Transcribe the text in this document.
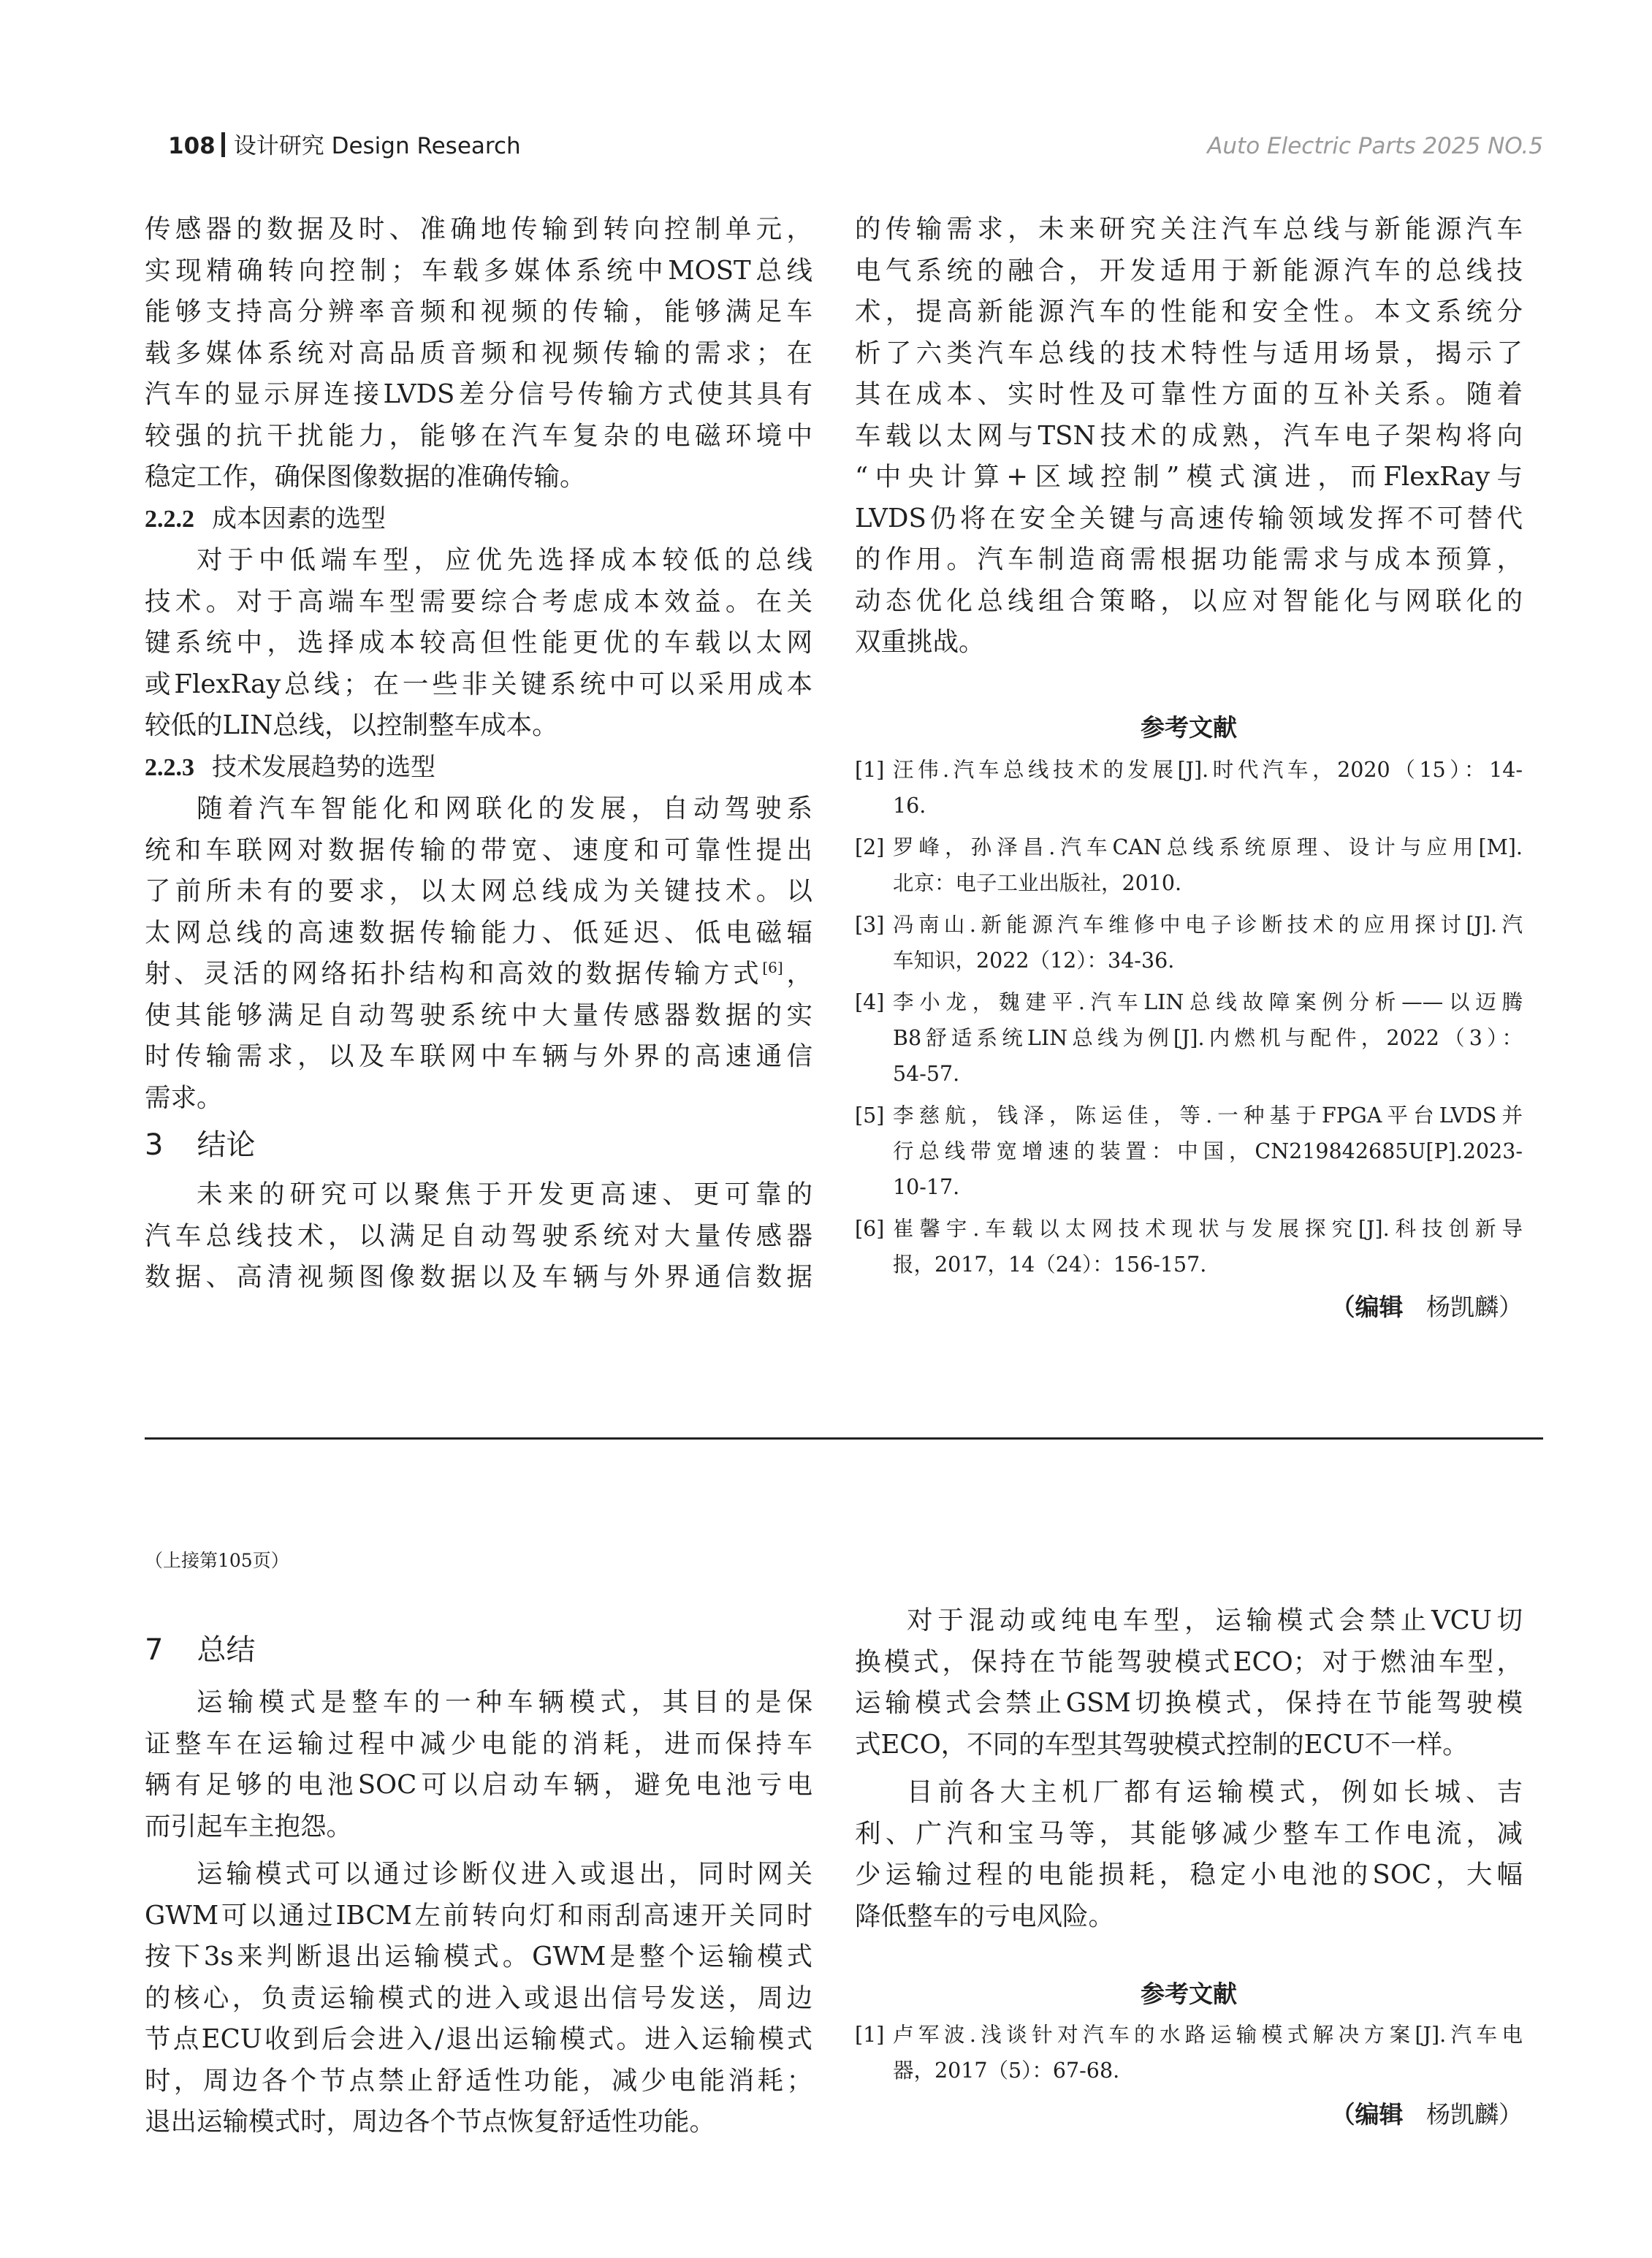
108 设计研究 Design Research	Auto Electric Parts 2025 NO.5
传感器的数据及时、准确地传输到转向控制单元，
实现精确转向控制；车载多媒体系统中MOST总线
能够支持高分辨率音频和视频的传输，能够满足车
载多媒体系统对高品质音频和视频传输的需求；在
汽车的显示屏连接LVDS差分信号传输方式使其具有
较强的抗干扰能力，能够在汽车复杂的电磁环境中
稳定工作，确保图像数据的准确传输。
2.2.2 成本因素的选型
对于中低端车型，应优先选择成本较低的总线
技术。对于高端车型需要综合考虑成本效益。在关
键系统中，选择成本较高但性能更优的车载以太网
或FlexRay总线；在一些非关键系统中可以采用成本
较低的LIN总线，以控制整车成本。
2.2.3 技术发展趋势的选型
随着汽车智能化和网联化的发展，自动驾驶系
统和车联网对数据传输的带宽、速度和可靠性提出
了前所未有的要求，以太网总线成为关键技术。以
太网总线的高速数据传输能力、低延迟、低电磁辐
射、灵活的网络拓扑结构和高效的数据传输方式[6]，
使其能够满足自动驾驶系统中大量传感器数据的实
时传输需求，以及车联网中车辆与外界的高速通信
需求。
3 结论
未来的研究可以聚焦于开发更高速、更可靠的
汽车总线技术，以满足自动驾驶系统对大量传感器
数据、高清视频图像数据以及车辆与外界通信数据
的传输需求，未来研究关注汽车总线与新能源汽车
电气系统的融合，开发适用于新能源汽车的总线技
术，提高新能源汽车的性能和安全性。本文系统分
析了六类汽车总线的技术特性与适用场景，揭示了
其在成本、实时性及可靠性方面的互补关系。随着
车载以太网与TSN技术的成熟，汽车电子架构将向
“中央计算+区域控制”模式演进，而FlexRay与
LVDS仍将在安全关键与高速传输领域发挥不可替代
的作用。汽车制造商需根据功能需求与成本预算，
动态优化总线组合策略，以应对智能化与网联化的
双重挑战。
参考文献
[1] 汪伟.汽车总线技术的发展[J].时代汽车，2020（15）：14-
16.
[2] 罗峰，孙泽昌.汽车CAN总线系统原理、设计与应用[M].
北京：电子工业出版社，2010.
[3] 冯南山.新能源汽车维修中电子诊断技术的应用探讨[J].汽
车知识，2022（12）：34-36.
[4] 李小龙，魏建平.汽车LIN总线故障案例分析——以迈腾
B8舒适系统LIN总线为例[J].内燃机与配件，2022（3）：
54-57.
[5] 李慈航，钱泽，陈运佳，等.一种基于FPGA平台LVDS并
行总线带宽增速的装置：中国，CN219842685U[P].2023-
10-17.
[6] 崔馨宇.车载以太网技术现状与发展探究[J].科技创新导
报，2017，14（24）：156-157.
（编辑 杨凯麟）
（上接第105页）
7 总结
运输模式是整车的一种车辆模式，其目的是保
证整车在运输过程中减少电能的消耗，进而保持车
辆有足够的电池SOC可以启动车辆，避免电池亏电
而引起车主抱怨。
运输模式可以通过诊断仪进入或退出，同时网关
GWM可以通过IBCM左前转向灯和雨刮高速开关同时
按下3s来判断退出运输模式。GWM是整个运输模式
的核心，负责运输模式的进入或退出信号发送，周边
节点ECU收到后会进入/退出运输模式。进入运输模式
时，周边各个节点禁止舒适性功能，减少电能消耗；
退出运输模式时，周边各个节点恢复舒适性功能。
对于混动或纯电车型，运输模式会禁止VCU切
换模式，保持在节能驾驶模式ECO；对于燃油车型，
运输模式会禁止GSM切换模式，保持在节能驾驶模
式ECO，不同的车型其驾驶模式控制的ECU不一样。
目前各大主机厂都有运输模式，例如长城、吉
利、广汽和宝马等，其能够减少整车工作电流，减
少运输过程的电能损耗，稳定小电池的SOC，大幅
降低整车的亏电风险。
参考文献
[1] 卢军波.浅谈针对汽车的水路运输模式解决方案[J].汽车电
器，2017（5）：67-68.
（编辑 杨凯麟）
